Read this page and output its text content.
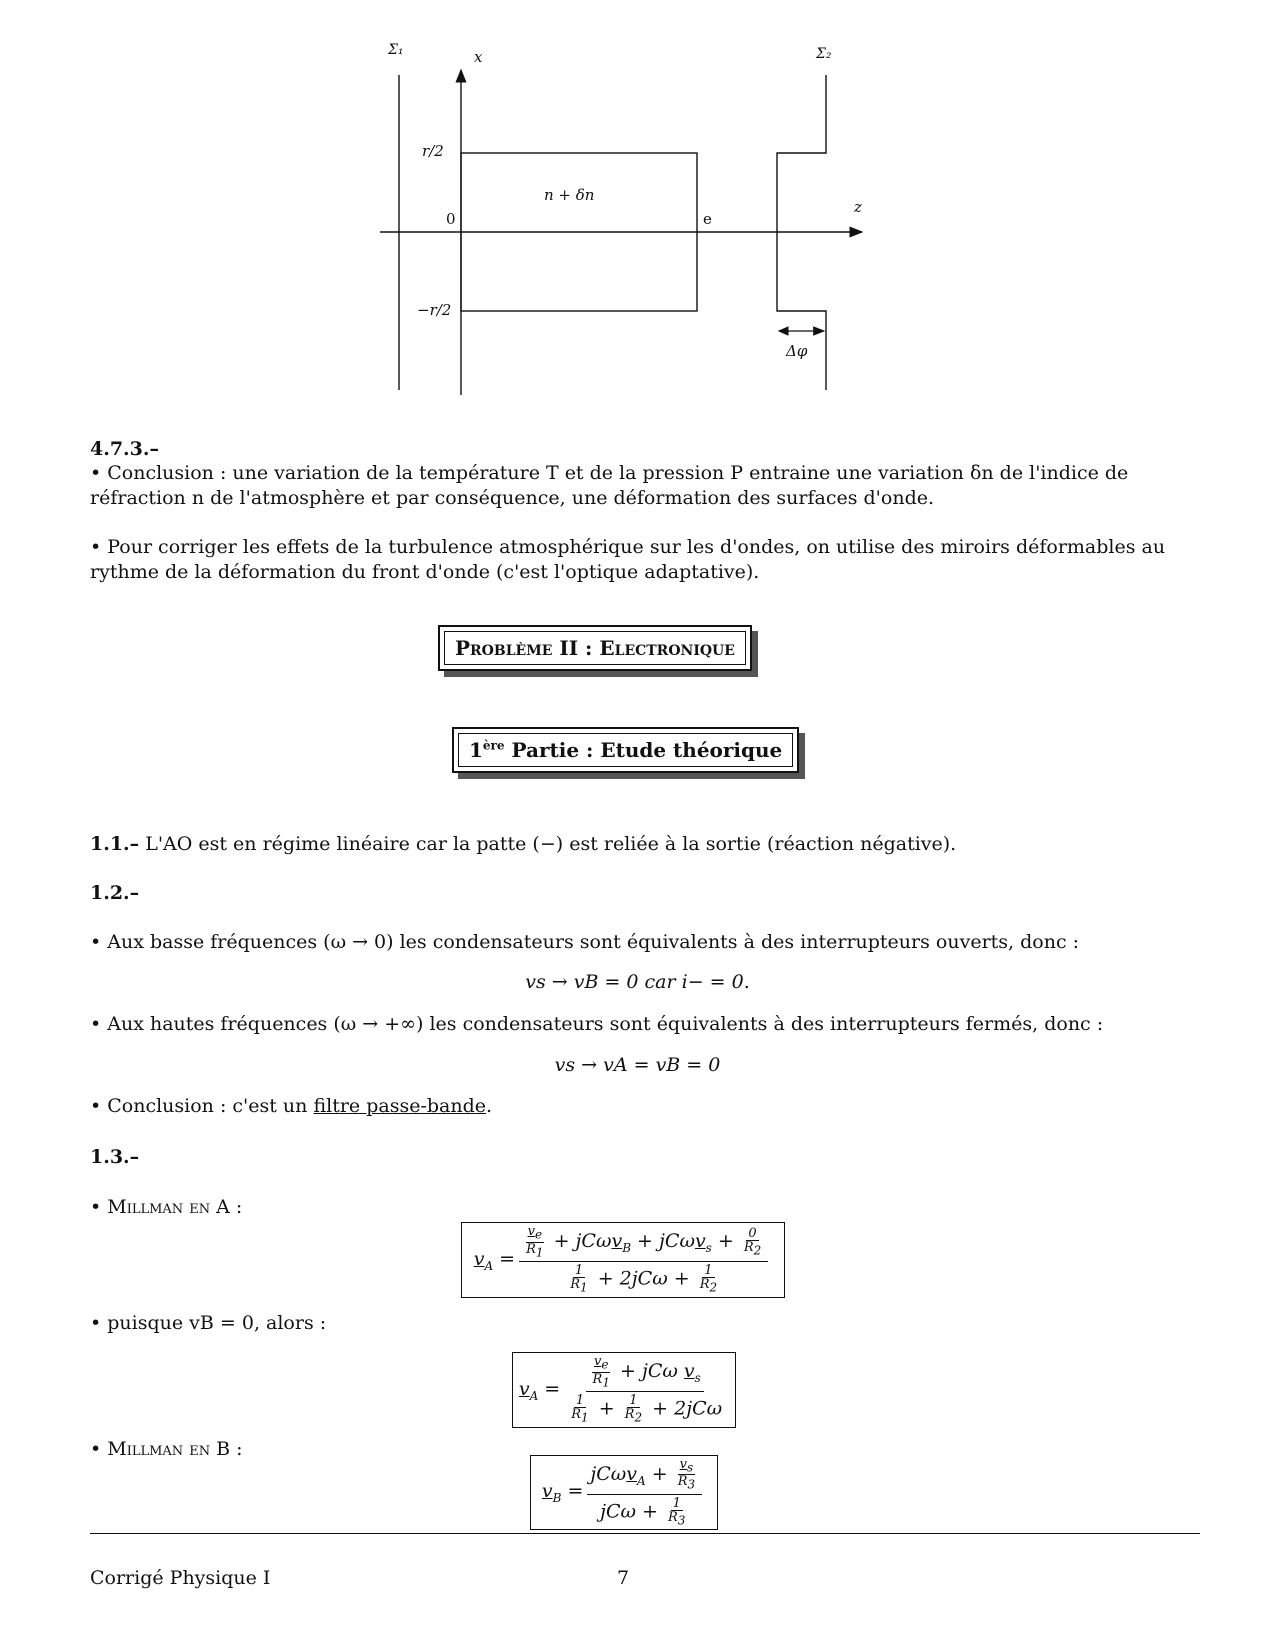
Σ₁	Σ₂
x
z
r/2
−r/2
0
n + δn
e
Δφ
4.7.3.–
• Conclusion : une variation de la température T et de la pression P entraine une variation δn de l'indice de réfraction n de l'atmosphère et par conséquence, une déformation des surfaces d'onde.
• Pour corriger les effets de la turbulence atmosphérique sur les d'ondes, on utilise des miroirs déformables au rythme de la déformation du front d'onde (c'est l'optique adaptative).
Problème II : Electronique
1ère Partie : Etude théorique
1.1.– L'AO est en régime linéaire car la patte (−) est reliée à la sortie (réaction négative).
1.2.–
• Aux basse fréquences (ω → 0) les condensateurs sont équivalents à des interrupteurs ouverts, donc :
vs → vB = 0 car i− = 0.
• Aux hautes fréquences (ω → +∞) les condensateurs sont équivalents à des interrupteurs fermés, donc :
vs → vA = vB = 0
• Conclusion : c'est un filtre passe-bande.
1.3.–
• Millman en A :
$v_A = \frac{\frac{v_e}{R_1} + jC\omega v_B + jC\omega v_s + \frac{0}{R_2}}{\frac{1}{R_1} + 2jC\omega + \frac{1}{R_2}}$
• puisque vB = 0, alors :
$v_A = \frac{\frac{v_e}{R_1} + jC\omega v_s}{\frac{1}{R_1} + \frac{1}{R_2} + 2jC\omega}$
• Millman en B :
$v_B = \frac{jC\omega v_A + \frac{v_s}{R_3}}{jC\omega + \frac{1}{R_3}}$
Corrigé Physique I	7
